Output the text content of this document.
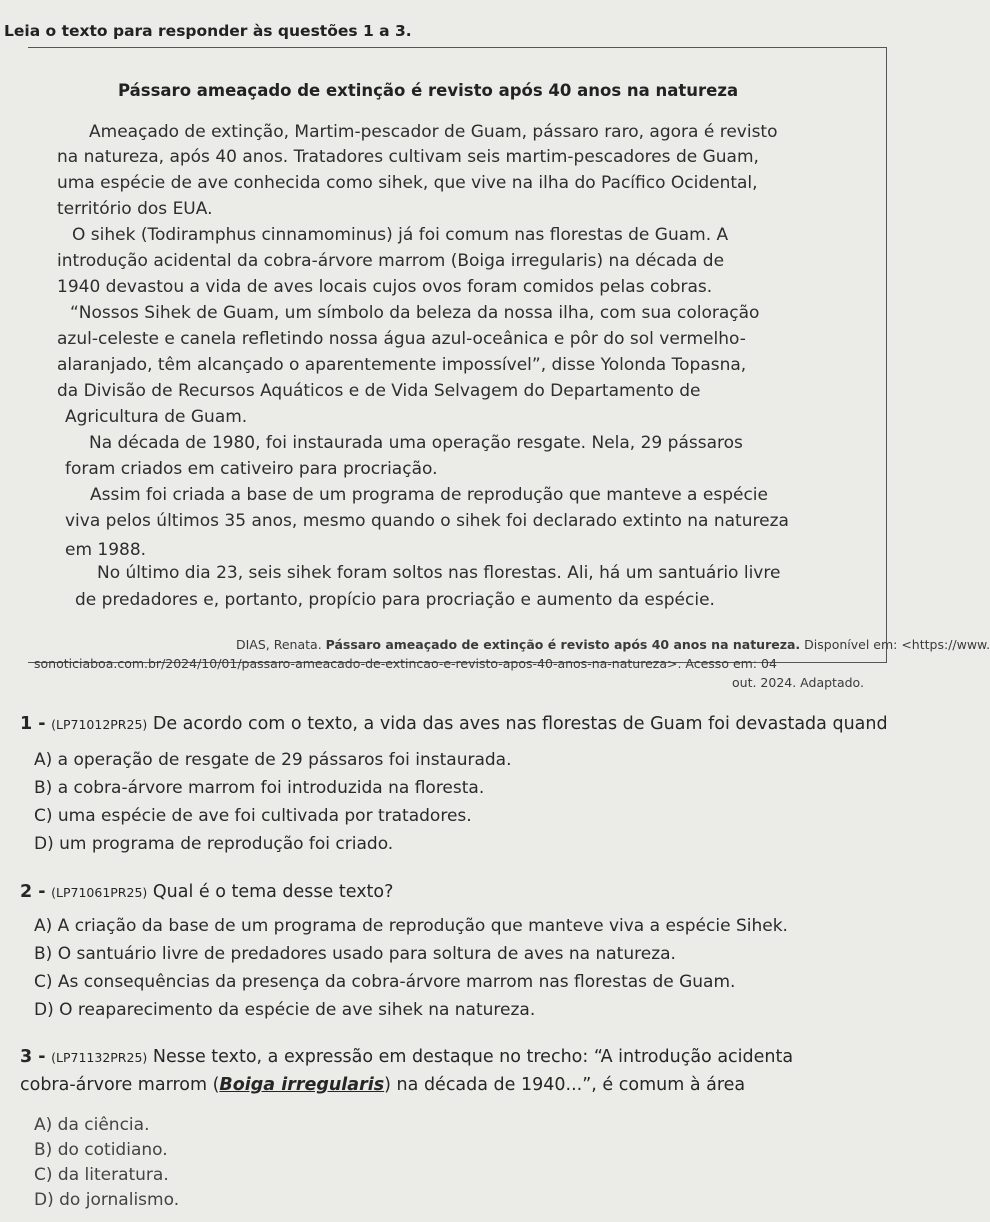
Leia o texto para responder às questões 1 a 3.
Pássaro ameaçado de extinção é revisto após 40 anos na natureza
Ameaçado de extinção, Martim-pescador de Guam, pássaro raro, agora é revisto
na natureza, após 40 anos. Tratadores cultivam seis martim-pescadores de Guam,
uma espécie de ave conhecida como sihek, que vive na ilha do Pacífico Ocidental,
território dos EUA.
O sihek (Todiramphus cinnamominus) já foi comum nas florestas de Guam. A
introdução acidental da cobra-árvore marrom (Boiga irregularis) na década de
1940 devastou a vida de aves locais cujos ovos foram comidos pelas cobras.
“Nossos Sihek de Guam, um símbolo da beleza da nossa ilha, com sua coloração
azul-celeste e canela refletindo nossa água azul-oceânica e pôr do sol vermelho-
alaranjado, têm alcançado o aparentemente impossível”, disse Yolonda Topasna,
da Divisão de Recursos Aquáticos e de Vida Selvagem do Departamento de
Agricultura de Guam.
Na década de 1980, foi instaurada uma operação resgate. Nela, 29 pássaros
foram criados em cativeiro para procriação.
Assim foi criada a base de um programa de reprodução que manteve a espécie
viva pelos últimos 35 anos, mesmo quando o sihek foi declarado extinto na natureza
em 1988.
No último dia 23, seis sihek foram soltos nas florestas. Ali, há um santuário livre
de predadores e, portanto, propício para procriação e aumento da espécie.
DIAS, Renata. Pássaro ameaçado de extinção é revisto após 40 anos na natureza. Disponível em: <https://www.
sonoticiaboa.com.br/2024/10/01/passaro-ameacado-de-extincao-e-revisto-apos-40-anos-na-natureza>. Acesso em: 04
out. 2024. Adaptado.
1 - (LP71012PR25) De acordo com o texto, a vida das aves nas florestas de Guam foi devastada quand
A) a operação de resgate de 29 pássaros foi instaurada.
B) a cobra-árvore marrom foi introduzida na floresta.
C) uma espécie de ave foi cultivada por tratadores.
D) um programa de reprodução foi criado.
2 - (LP71061PR25) Qual é o tema desse texto?
A) A criação da base de um programa de reprodução que manteve viva a espécie Sihek.
B) O santuário livre de predadores usado para soltura de aves na natureza.
C) As consequências da presença da cobra-árvore marrom nas florestas de Guam.
D) O reaparecimento da espécie de ave sihek na natureza.
3 - (LP71132PR25) Nesse texto, a expressão em destaque no trecho: “A introdução acidenta
cobra-árvore marrom (Boiga irregularis) na década de 1940...”, é comum à área
A) da ciência.
B) do cotidiano.
C) da literatura.
D) do jornalismo.
